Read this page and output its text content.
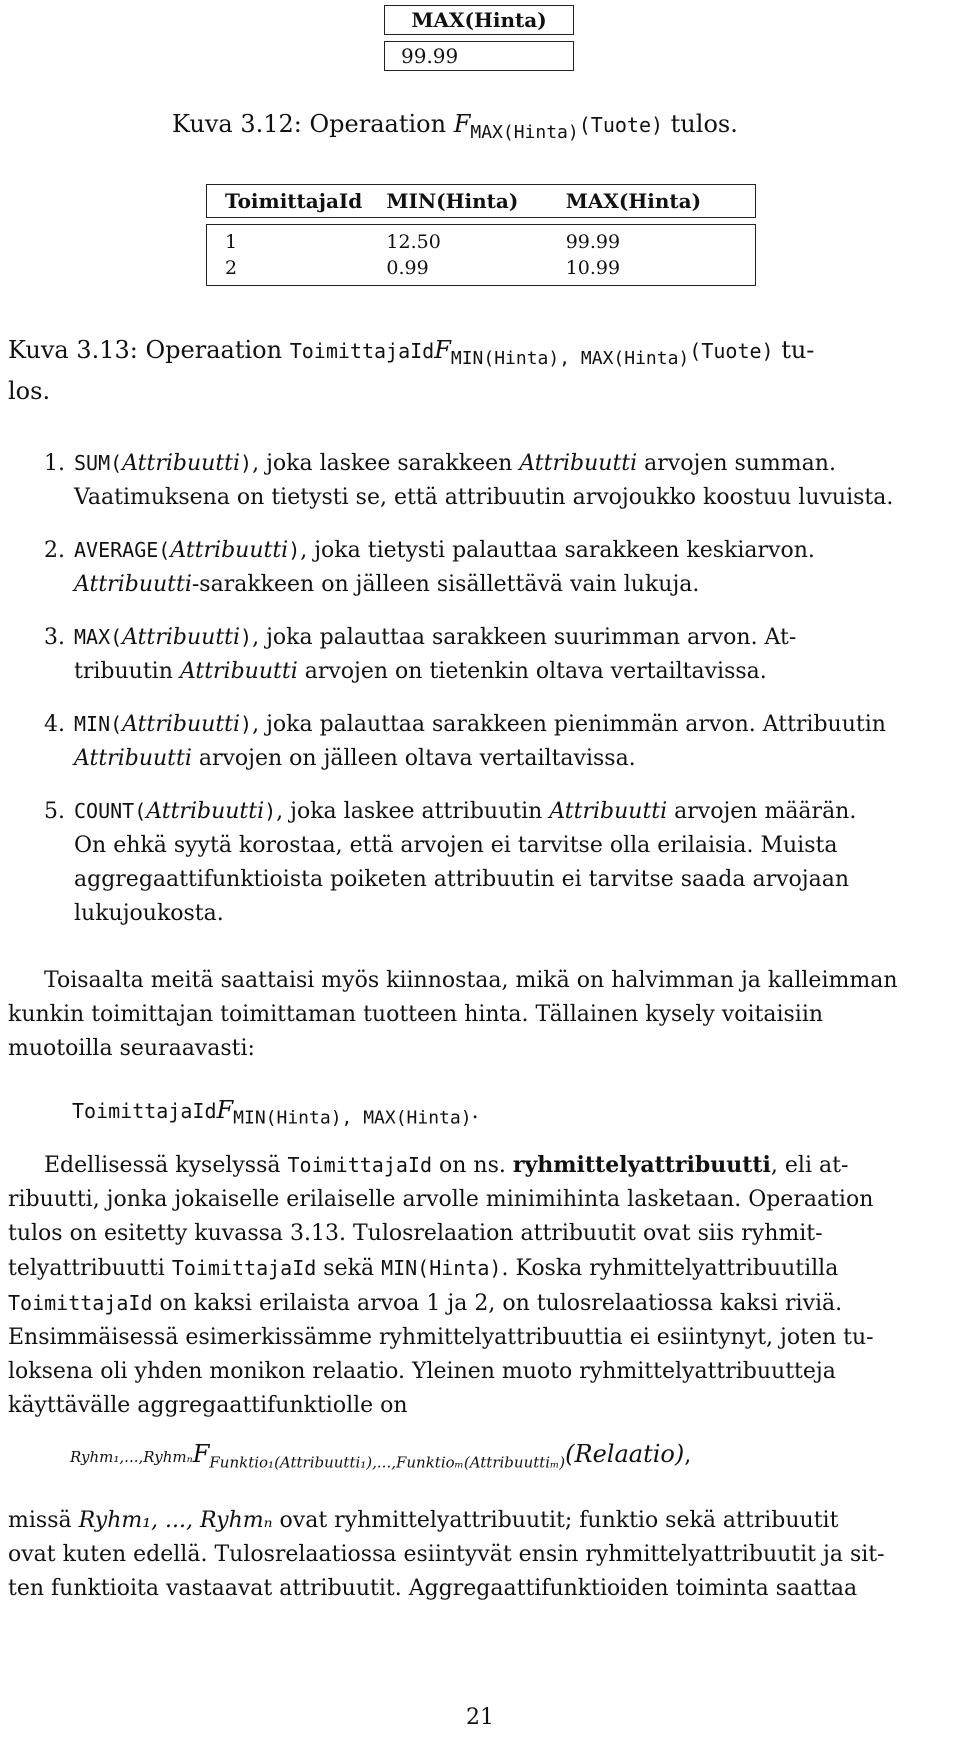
MAX(Hinta)
99.99
Kuva 3.12: Operaation $F_{MAX(Hinta)}(Tuote)$ tulos.
ToimittajaId	MIN(Hinta)	MAX(Hinta)
1	12.50	99.99
2	0.99	10.99
Kuva 3.13: Operaation ToimittajaIdF$_{MIN(Hinta), MAX(Hinta)}$(Tuote) tu-
los.
1. SUM(Attribuutti), joka laskee sarakkeen Attribuutti arvojen summan.
Vaatimuksena on tietysti se, että attribuutin arvojoukko koostuu luvuista.
2. AVERAGE(Attribuutti), joka tietysti palauttaa sarakkeen keskiarvon.
Attribuutti-sarakkeen on jälleen sisällettävä vain lukuja.
3. MAX(Attribuutti), joka palauttaa sarakkeen suurimman arvon. At-
tribuutin Attribuutti arvojen on tietenkin oltava vertailtavissa.
4. MIN(Attribuutti), joka palauttaa sarakkeen pienimmän arvon. Attribuutin
Attribuutti arvojen on jälleen oltava vertailtavissa.
5. COUNT(Attribuutti), joka laskee attribuutin Attribuutti arvojen määrän.
On ehkä syytä korostaa, että arvojen ei tarvitse olla erilaisia. Muista
aggregaattifunktioista poiketen attribuutin ei tarvitse saada arvojaan
lukujoukosta.
Toisaalta meitä saattaisi myös kiinnostaa, mikä on halvimman ja kalleimman
kunkin toimittajan toimittaman tuotteen hinta. Tällainen kysely voitaisiin
muotoilla seuraavasti:
ToimittajaIdF$_{MIN(Hinta), MAX(Hinta)}$.
Edellisessä kyselyssä ToimittajaId on ns. ryhmittelyattribuutti, eli at-
ribuutti, jonka jokaiselle erilaiselle arvolle minimihinta lasketaan. Operaation
tulos on esitetty kuvassa 3.13. Tulosrelaation attribuutit ovat siis ryhmit-
telyattribuutti ToimittajaId sekä MIN(Hinta). Koska ryhmittelyattribuutilla
ToimittajaId on kaksi erilaista arvoa 1 ja 2, on tulosrelaatiossa kaksi riviä.
Ensimmäisessä esimerkissämme ryhmittelyattribuuttia ei esiintynyt, joten tu-
loksena oli yhden monikon relaatio. Yleinen muoto ryhmittelyattribuutteja
käyttävälle aggregaattifunktiolle on
Ryhm₁,...,RyhmₙF$_{Funktio_1(Attribuutti_1),...,Funktio_m(Attribuutti_m)}$(Relaatio),
missä Ryhm₁, ..., Ryhmₙ ovat ryhmittelyattribuutit; funktio sekä attribuutit
ovat kuten edellä. Tulosrelaatiossa esiintyvät ensin ryhmittelyattribuutit ja sit-
ten funktioita vastaavat attribuutit. Aggregaattifunktioiden toiminta saattaa
21
